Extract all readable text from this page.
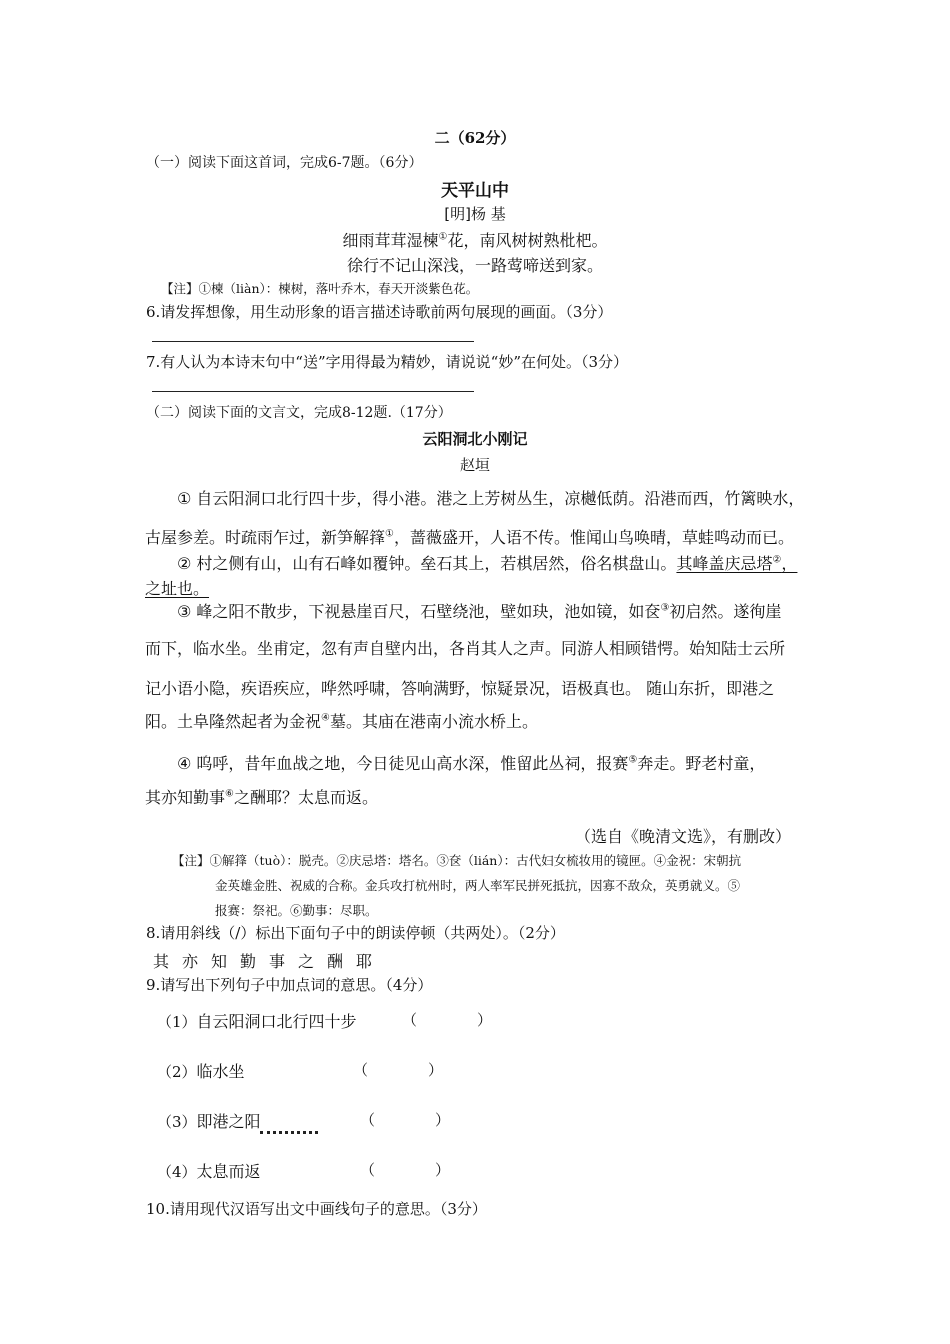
二（62分）
（一）阅读下面这首词，完成6-7题。（6分）
天平山中
[明]杨 基
细雨茸茸湿楝①花，南风树树熟枇杷。
徐行不记山深浅，一路莺啼送到家。
【注】①楝（liàn）：楝树，落叶乔木，春天开淡紫色花。
6.请发挥想像，用生动形象的语言描述诗歌前两句展现的画面。（3分）
7.有人认为本诗末句中“送”字用得最为精妙，请说说“妙”在何处。（3分）
（二）阅读下面的文言文，完成8-12题.（17分）
云阳洞北小刚记
赵垣
① 自云阳洞口北行四十步，得小港。港之上芳树丛生，凉樾低荫。沿港而西，竹篱映水，
古屋参差。时疏雨乍过，新笋解箨①，蔷薇盛开，人语不传。惟闻山鸟唤晴，草蛙鸣动而已。
② 村之侧有山，山有石峰如覆钟。垒石其上，若棋居然，俗名棋盘山。其峰盖庆忌塔②，
之址也。
③ 峰之阳不散步，下视悬崖百尺，石壁绕池，壁如玦，池如镜，如奁③初启然。遂徇崖
而下，临水坐。坐甫定，忽有声自壁内出，各肖其人之声。同游人相顾错愕。始知陆士云所
记小语小隐，疾语疾应，哗然呼啸，答响满野，惊疑景况，语极真也。 随山东折，即港之
阳。土阜隆然起者为金祝④墓。其庙在港南小流水桥上。
④ 呜呼，昔年血战之地，今日徒见山高水深，惟留此丛祠，报赛⑤奔走。野老村童，
其亦知勤事⑥之酬耶？太息而返。
（选自《晚清文选》，有删改）
【注】①解箨（tuò）：脱壳。②庆忌塔：塔名。③奁（lián）：古代妇女梳妆用的镜匣。④金祝：宋朝抗
金英雄金胜、祝威的合称。金兵攻打杭州时，两人率军民拼死抵抗，因寡不敌众，英勇就义。⑤
报赛：祭祀。⑥勤事：尽职。
8.请用斜线（/）标出下面句子中的朗读停顿（共两处）。（2分）
其亦知勤事之酬耶
9.请写出下列句子中加点词的意思。（4分）
（1）自云阳洞口北行四十步	（　　　　）
（2）临水坐	（　　　　）
（3）即港之阳	（　　　　）
（4）太息而返	（　　　　）
10.请用现代汉语写出文中画线句子的意思。（3分）
